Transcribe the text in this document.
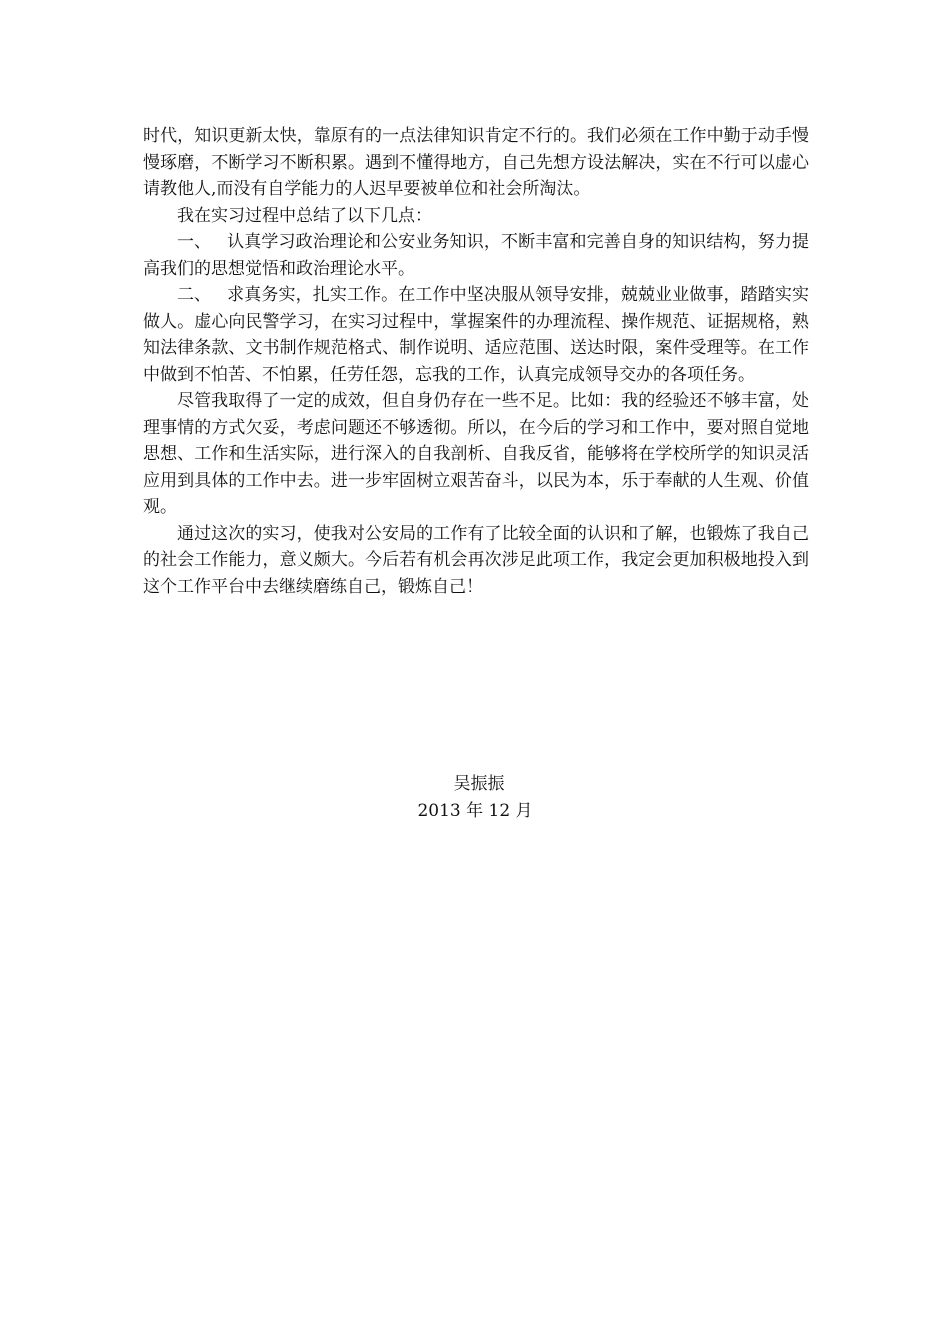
时代，知识更新太快，靠原有的一点法律知识肯定不行的。我们必须在工作中勤于动手慢慢琢磨，不断学习不断积累。遇到不懂得地方，自己先想方设法解决，实在不行可以虚心请教他人,而没有自学能力的人迟早要被单位和社会所淘汰。

我在实习过程中总结了以下几点：

一、 认真学习政治理论和公安业务知识，不断丰富和完善自身的知识结构，努力提高我们的思想觉悟和政治理论水平。

二、 求真务实，扎实工作。在工作中坚决服从领导安排，兢兢业业做事，踏踏实实做人。虚心向民警学习，在实习过程中，掌握案件的办理流程、操作规范、证据规格，熟知法律条款、文书制作规范格式、制作说明、适应范围、送达时限，案件受理等。在工作中做到不怕苦、不怕累，任劳任怨，忘我的工作，认真完成领导交办的各项任务。

尽管我取得了一定的成效，但自身仍存在一些不足。比如：我的经验还不够丰富，处理事情的方式欠妥，考虑问题还不够透彻。所以，在今后的学习和工作中，要对照自觉地思想、工作和生活实际，进行深入的自我剖析、自我反省，能够将在学校所学的知识灵活应用到具体的工作中去。进一步牢固树立艰苦奋斗，以民为本，乐于奉献的人生观、价值观。

通过这次的实习，使我对公安局的工作有了比较全面的认识和了解，也锻炼了我自己的社会工作能力，意义颇大。今后若有机会再次涉足此项工作，我定会更加积极地投入到这个工作平台中去继续磨练自己，锻炼自己！

吴振振
2013 年 12 月
